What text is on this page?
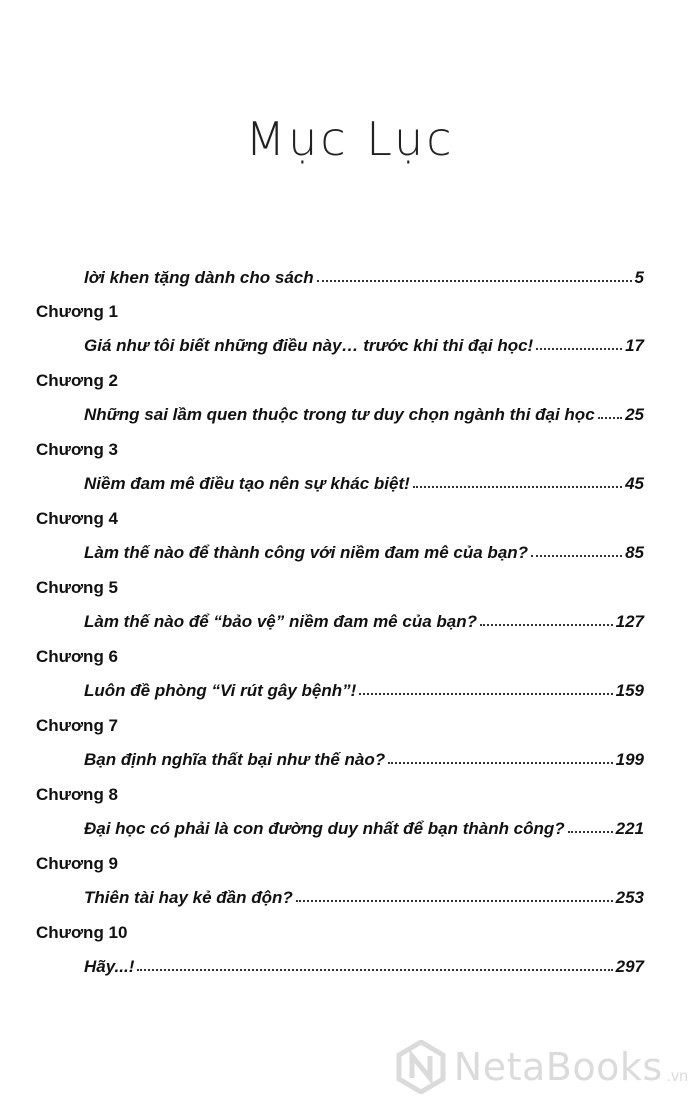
Mục Lục
lời khen tặng dành cho sách	5
Chương 1
Giá như tôi biết những điều này… trước khi thi đại học!	17
Chương 2
Những sai lầm quen thuộc trong tư duy chọn ngành thi đại học 25
Chương 3
Niềm đam mê điều tạo nên sự khác biệt!	45
Chương 4
Làm thế nào để thành công với niềm đam mê của bạn?	85
Chương 5
Làm thế nào để “bảo vệ” niềm đam mê của bạn?	127
Chương 6
Luôn đề phòng “Vi rút gây bệnh”!	159
Chương 7
Bạn định nghĩa thất bại như thế nào?	199
Chương 8
Đại học có phải là con đường duy nhất để bạn thành công?	221
Chương 9
Thiên tài hay kẻ đần độn?	253
Chương 10
Hãy...!	297
NetaBooks .vn
